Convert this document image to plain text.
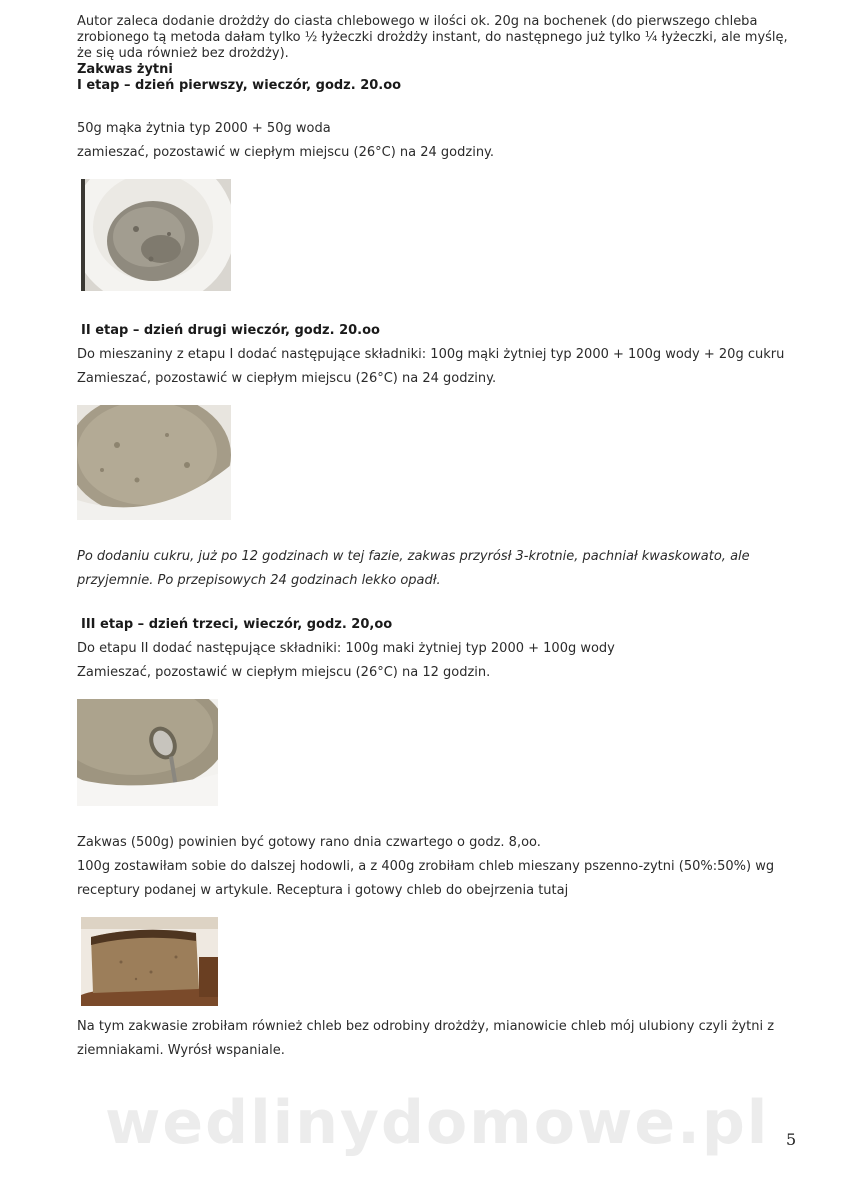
Autor zaleca dodanie drożdży do ciasta chlebowego w ilości ok. 20g na bochenek (do pierwszego chleba

zrobionego tą metoda dałam tylko ½ łyżeczki drożdży instant, do następnego już tylko ¼ łyżeczki, ale myślę,

że się uda również bez drożdży).

Zakwas żytni

I etap – dzień pierwszy, wieczór, godz. 20.oo

50g mąka żytnia typ 2000 + 50g woda

zamieszać, pozostawić w ciepłym miejscu (26°C) na 24 godziny.

II etap – dzień drugi wieczór, godz. 20.oo

Do mieszaniny z etapu I dodać następujące składniki: 100g mąki żytniej typ 2000 + 100g wody + 20g cukru

Zamieszać, pozostawić w ciepłym miejscu (26°C) na 24 godziny.

Po dodaniu cukru, już po 12 godzinach w tej fazie, zakwas przyrósł 3-krotnie, pachniał kwaskowato, ale

przyjemnie. Po przepisowych 24 godzinach lekko opadł.

III etap – dzień trzeci, wieczór, godz. 20,oo

Do etapu II dodać następujące składniki: 100g maki żytniej typ 2000 + 100g wody

Zamieszać, pozostawić w ciepłym miejscu (26°C) na 12 godzin.

Zakwas (500g) powinien być gotowy rano dnia czwartego o godz. 8,oo.

100g zostawiłam sobie do dalszej hodowli, a z 400g zrobiłam chleb mieszany pszenno-zytni (50%:50%) wg

receptury podanej w artykule. Receptura i gotowy chleb do obejrzenia tutaj

Na tym zakwasie zrobiłam również chleb bez odrobiny drożdży, mianowicie chleb mój ulubiony czyli żytni z

ziemniakami. Wyrósł wspaniale.

wedlinydomowe.pl 5
